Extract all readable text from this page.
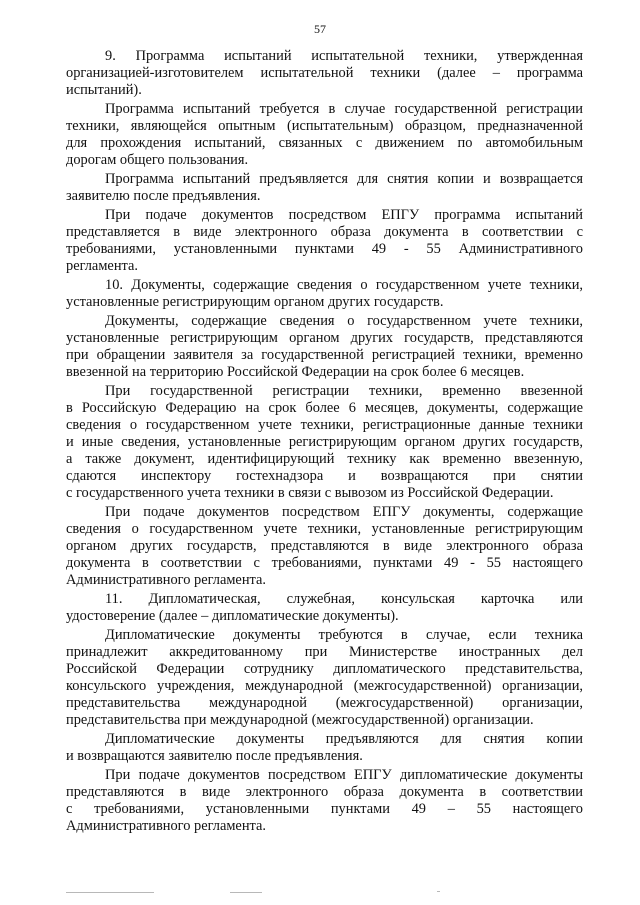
57
9. Программа испытаний испытательной техники, утвержденная
организацией-изготовителем испытательной техники (далее – программа
испытаний).
Программа испытаний требуется в случае государственной регистрации
техники, являющейся опытным (испытательным) образцом, предназначенной
для прохождения испытаний, связанных с движением по автомобильным
дорогам общего пользования.
Программа испытаний предъявляется для снятия копии и возвращается
заявителю после предъявления.
При подаче документов посредством ЕПГУ программа испытаний
представляется в виде электронного образа документа в соответствии с
требованиями, установленными пунктами 49 - 55 Административного
регламента.
10. Документы, содержащие сведения о государственном учете техники,
установленные регистрирующим органом других государств.
Документы, содержащие сведения о государственном учете техники,
установленные регистрирующим органом других государств, представляются
при обращении заявителя за государственной регистрацией техники, временно
ввезенной на территорию Российской Федерации на срок более 6 месяцев.
При государственной регистрации техники, временно ввезенной
в Российскую Федерацию на срок более 6 месяцев, документы, содержащие
сведения о государственном учете техники, регистрационные данные техники
и иные сведения, установленные регистрирующим органом других государств,
а также документ, идентифицирующий технику как временно ввезенную,
сдаются инспектору гостехнадзора и возвращаются при снятии
с государственного учета техники в связи с вывозом из Российской Федерации.
При подаче документов посредством ЕПГУ документы, содержащие
сведения о государственном учете техники, установленные регистрирующим
органом других государств, представляются в виде электронного образа
документа в соответствии с требованиями, пунктами 49 - 55 настоящего
Административного регламента.
11. Дипломатическая, служебная, консульская карточка или
удостоверение (далее – дипломатические документы).
Дипломатические документы требуются в случае, если техника
принадлежит аккредитованному при Министерстве иностранных дел
Российской Федерации сотруднику дипломатического представительства,
консульского учреждения, международной (межгосударственной) организации,
представительства международной (межгосударственной) организации,
представительства при международной (межгосударственной) организации.
Дипломатические документы предъявляются для снятия копии
и возвращаются заявителю после предъявления.
При подаче документов посредством ЕПГУ дипломатические документы
представляются в виде электронного образа документа в соответствии
с требованиями, установленными пунктами 49 – 55 настоящего
Административного регламента.
